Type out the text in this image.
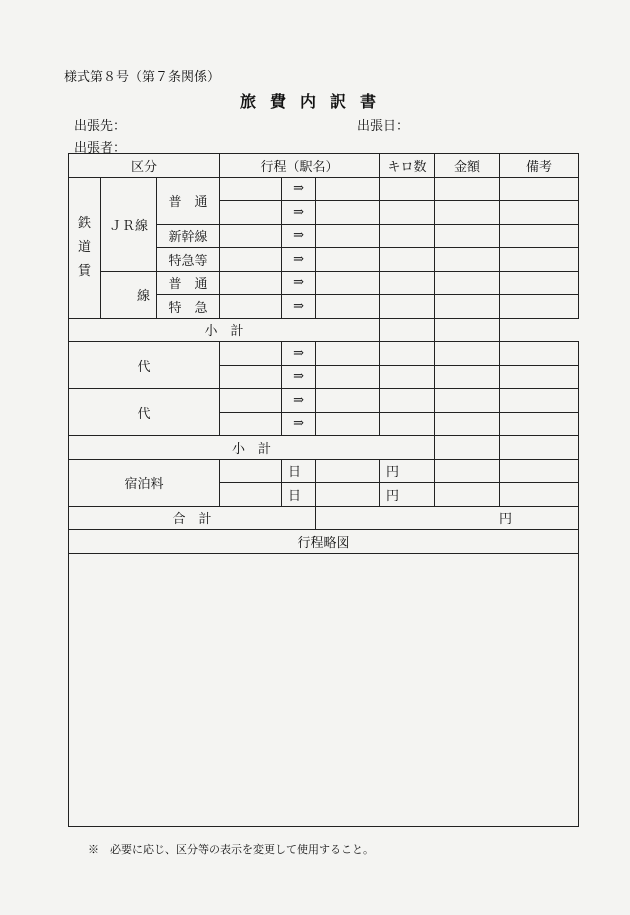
様式第８号（第７条関係）
旅費内訳書
出張先：	出張日：
出張者：
区分			行程（駅名）			キロ数	金額	備考

鉄道賃	ＪＲ線	普　通		⇒				
				⇒				
		新幹線		⇒				
		特急等		⇒				
	線	普　通		⇒				
		特　急		⇒				
小　計								
代				⇒				
				⇒				
代				⇒				
				⇒				
小　計								
宿泊料				日		円		
				日		円		
合　計					円			
行程略図								

※　必要に応じ、区分等の表示を変更して使用すること。
